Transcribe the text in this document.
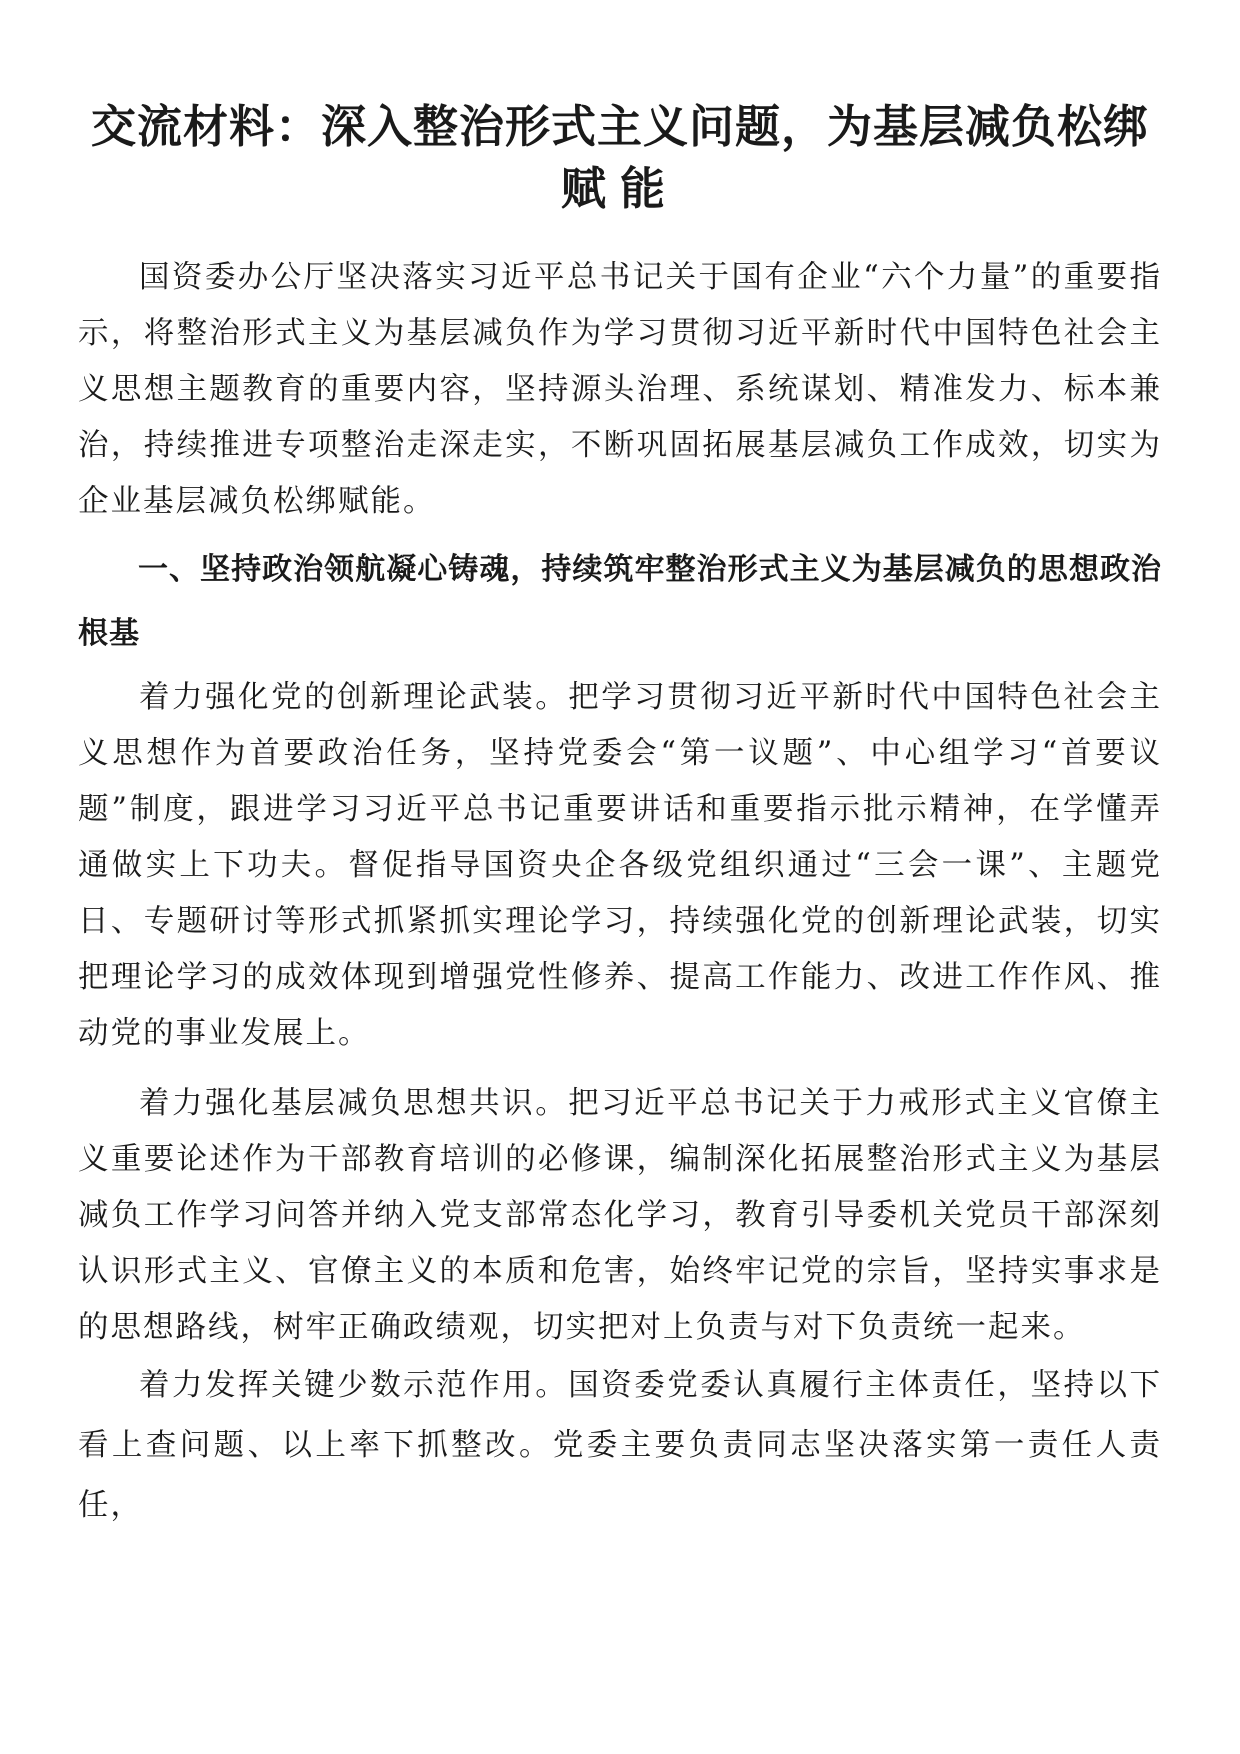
交流材料：深入整治形式主义问题，为基层减负松绑
赋能

国资委办公厅坚决落实习近平总书记关于国有企业“六个力量”的重要指示，将整治形式主义为基层减负作为学习贯彻习近平新时代中国特色社会主义思想主题教育的重要内容，坚持源头治理、系统谋划、精准发力、标本兼治，持续推进专项整治走深走实，不断巩固拓展基层减负工作成效，切实为企业基层减负松绑赋能。

一、坚持政治领航凝心铸魂，持续筑牢整治形式主义为基层减负的思想政治根基

着力强化党的创新理论武装。把学习贯彻习近平新时代中国特色社会主义思想作为首要政治任务，坚持党委会“第一议题”、中心组学习“首要议题”制度，跟进学习习近平总书记重要讲话和重要指示批示精神，在学懂弄通做实上下功夫。督促指导国资央企各级党组织通过“三会一课”、主题党日、专题研讨等形式抓紧抓实理论学习，持续强化党的创新理论武装，切实把理论学习的成效体现到增强党性修养、提高工作能力、改进工作作风、推动党的事业发展上。

着力强化基层减负思想共识。把习近平总书记关于力戒形式主义官僚主义重要论述作为干部教育培训的必修课，编制深化拓展整治形式主义为基层减负工作学习问答并纳入党支部常态化学习，教育引导委机关党员干部深刻认识形式主义、官僚主义的本质和危害，始终牢记党的宗旨，坚持实事求是的思想路线，树牢正确政绩观，切实把对上负责与对下负责统一起来。

着力发挥关键少数示范作用。国资委党委认真履行主体责任，坚持以下看上查问题、以上率下抓整改。党委主要负责同志坚决落实第一责任人责任，
